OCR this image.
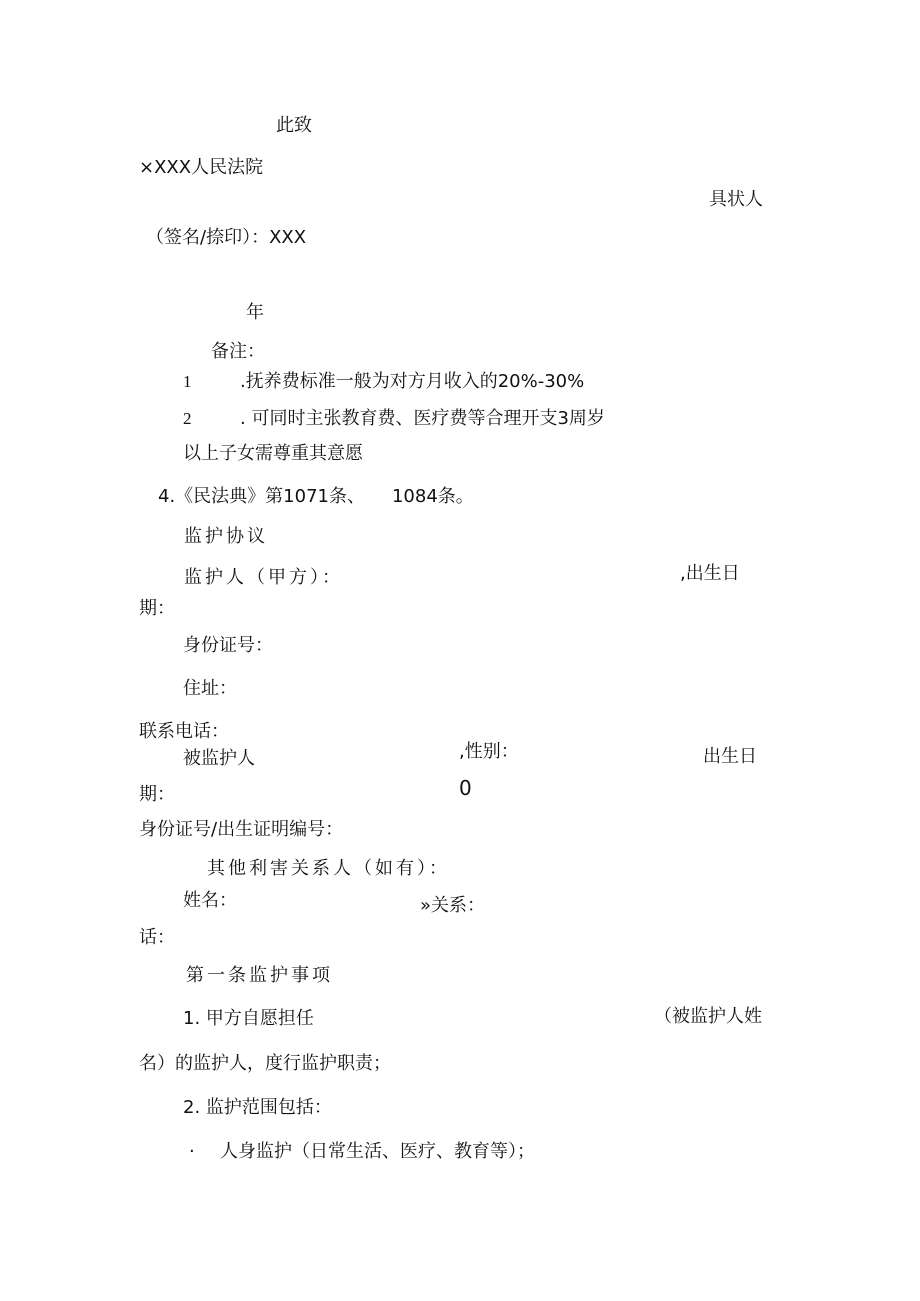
此致
×XXX人民法院
具状人
（签名/捺印）：XXX
年
备注：
1	.抚养费标准一般为对方月收入的20%-30%
2	. 可同时主张教育费、医疗费等合理开支3周岁
以上子女需尊重其意愿
4.《民法典》第1071条、　　1084条。
监护协议
监护人（甲方）：	,出生日
期：
身份证号：
住址：
联系电话：
被监护人	,性别：	出生日
0
期：
身份证号/出生证明编号：
其他利害关系人（如有）：
姓名：	»关系：
话：
第一条监护事项
1. 甲方自愿担任	（被监护人姓
名）的监护人，度行监护职责；
2. 监护范围包括：
· 人身监护（日常生活、医疗、教育等）；
